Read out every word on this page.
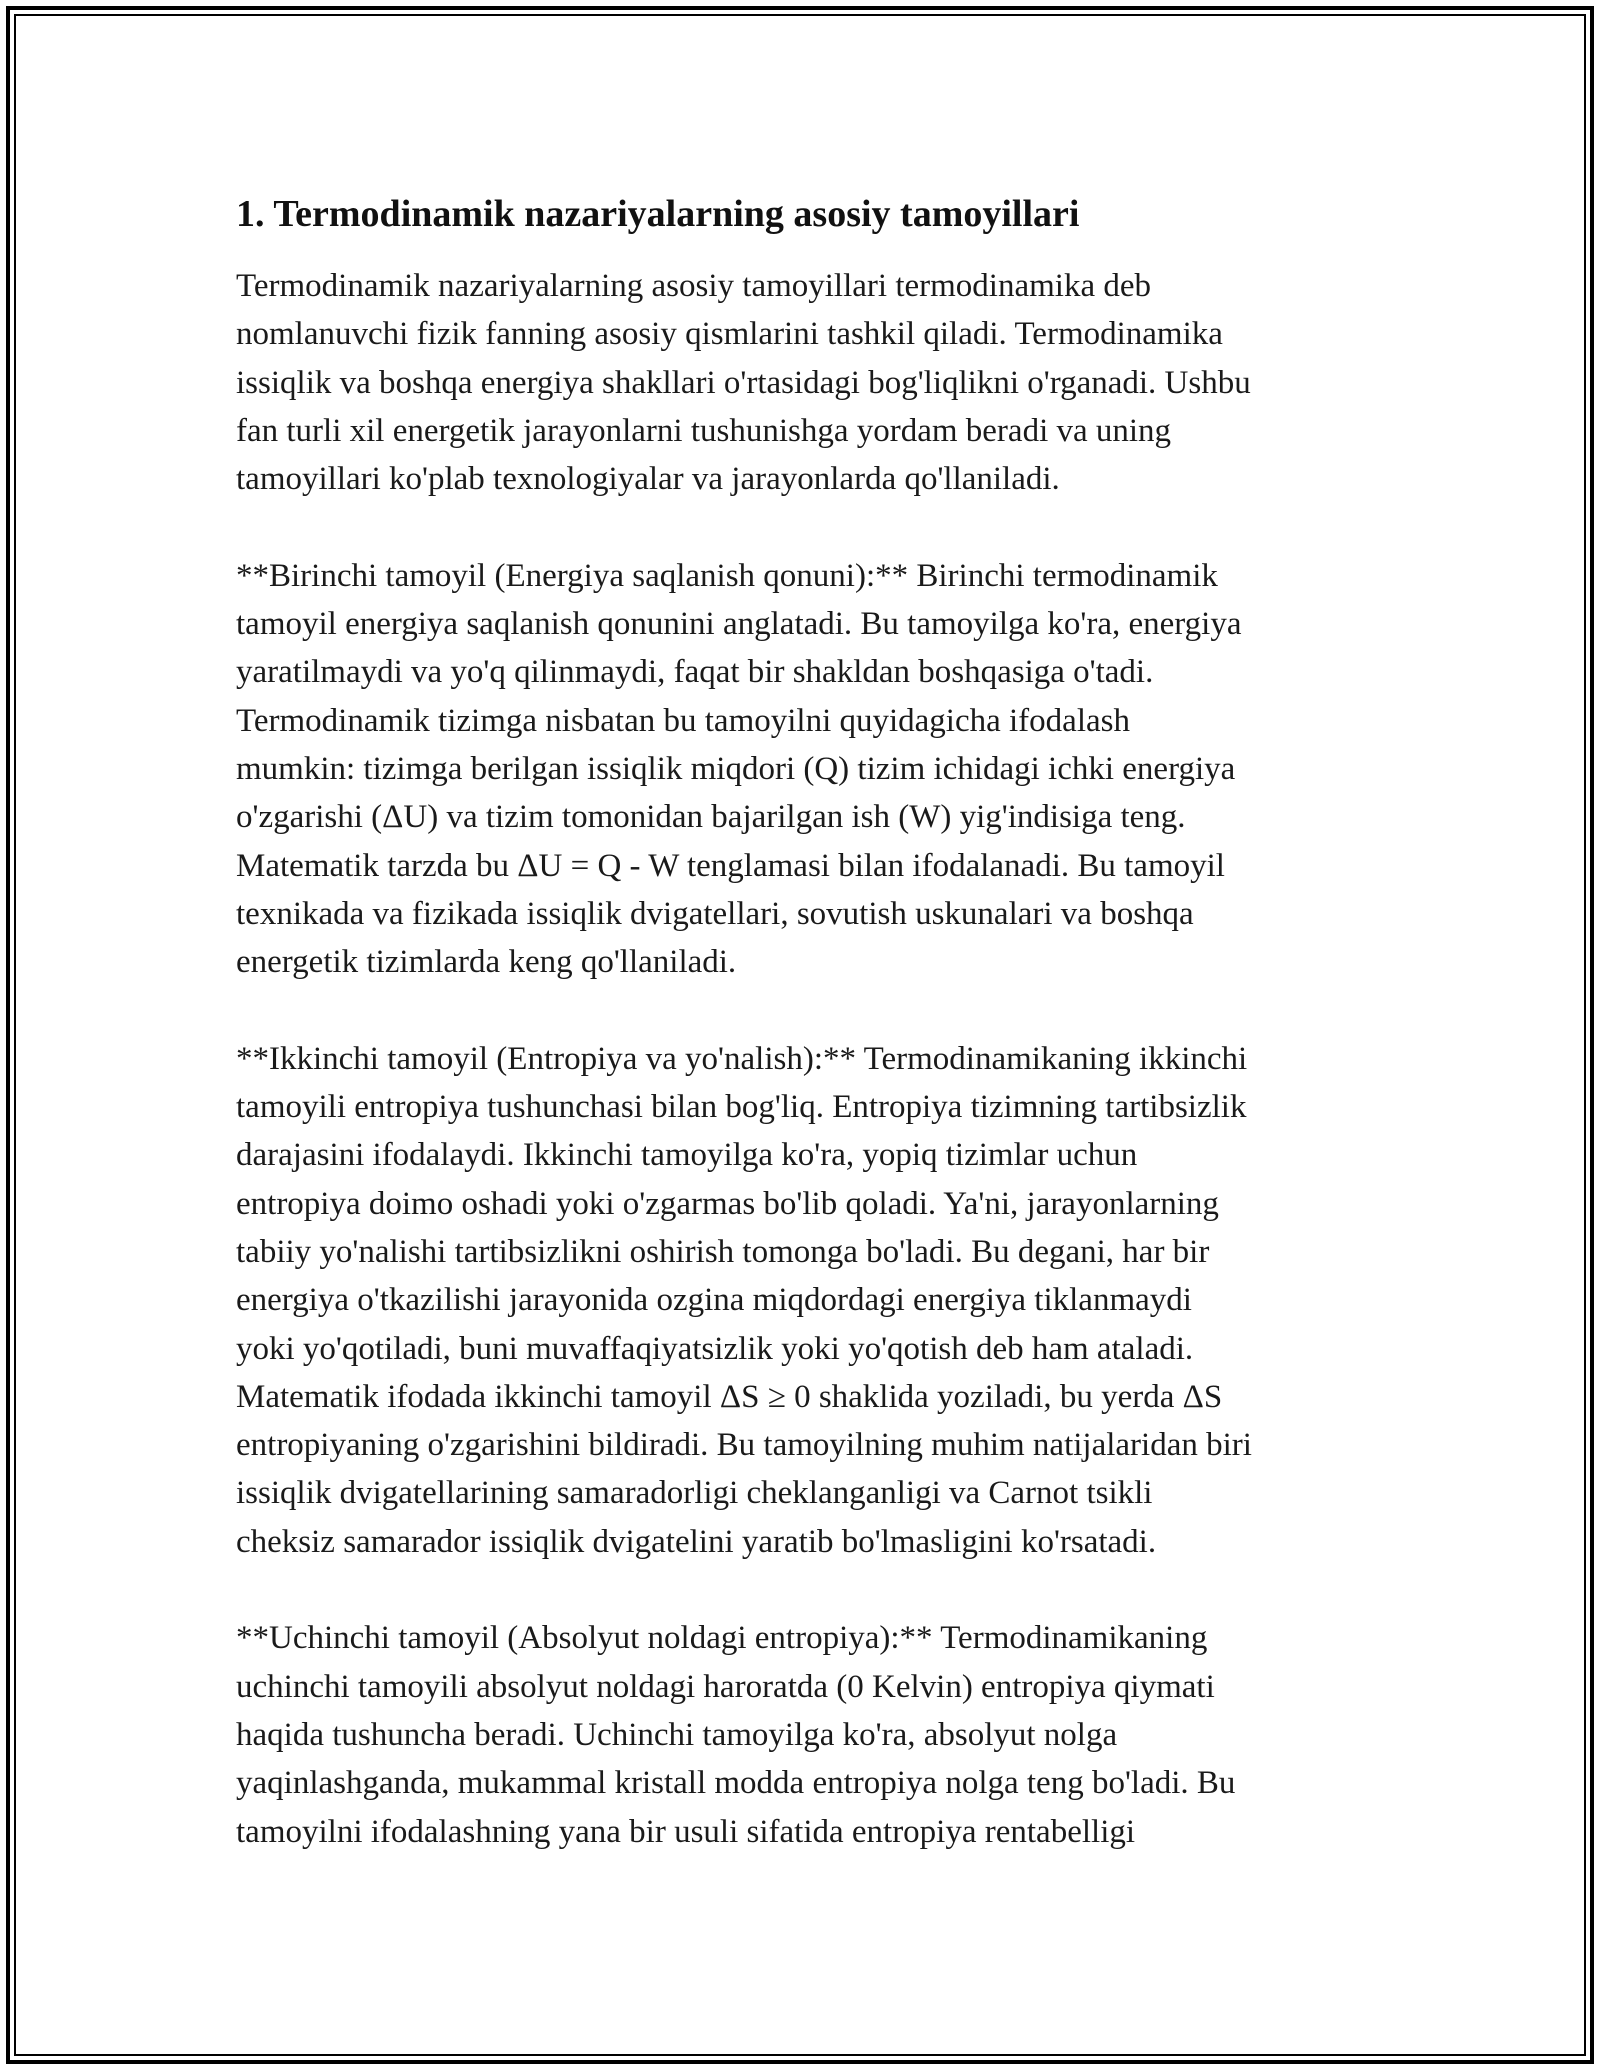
1. Termodinamik nazariyalarning asosiy tamoyillari

Termodinamik nazariyalarning asosiy tamoyillari termodinamika deb
nomlanuvchi fizik fanning asosiy qismlarini tashkil qiladi. Termodinamika
issiqlik va boshqa energiya shakllari o'rtasidagi bog'liqlikni o'rganadi. Ushbu
fan turli xil energetik jarayonlarni tushunishga yordam beradi va uning
tamoyillari ko'plab texnologiyalar va jarayonlarda qo'llaniladi.

**Birinchi tamoyil (Energiya saqlanish qonuni):** Birinchi termodinamik
tamoyil energiya saqlanish qonunini anglatadi. Bu tamoyilga ko'ra, energiya
yaratilmaydi va yo'q qilinmaydi, faqat bir shakldan boshqasiga o'tadi.
Termodinamik tizimga nisbatan bu tamoyilni quyidagicha ifodalash
mumkin: tizimga berilgan issiqlik miqdori (Q) tizim ichidagi ichki energiya
o'zgarishi (ΔU) va tizim tomonidan bajarilgan ish (W) yig'indisiga teng.
Matematik tarzda bu ΔU = Q - W tenglamasi bilan ifodalanadi. Bu tamoyil
texnikada va fizikada issiqlik dvigatellari, sovutish uskunalari va boshqa
energetik tizimlarda keng qo'llaniladi.

**Ikkinchi tamoyil (Entropiya va yo'nalish):** Termodinamikaning ikkinchi
tamoyili entropiya tushunchasi bilan bog'liq. Entropiya tizimning tartibsizlik
darajasini ifodalaydi. Ikkinchi tamoyilga ko'ra, yopiq tizimlar uchun
entropiya doimo oshadi yoki o'zgarmas bo'lib qoladi. Ya'ni, jarayonlarning
tabiiy yo'nalishi tartibsizlikni oshirish tomonga bo'ladi. Bu degani, har bir
energiya o'tkazilishi jarayonida ozgina miqdordagi energiya tiklanmaydi
yoki yo'qotiladi, buni muvaffaqiyatsizlik yoki yo'qotish deb ham ataladi.
Matematik ifodada ikkinchi tamoyil ΔS ≥ 0 shaklida yoziladi, bu yerda ΔS
entropiyaning o'zgarishini bildiradi. Bu tamoyilning muhim natijalaridan biri
issiqlik dvigatellarining samaradorligi cheklanganligi va Carnot tsikli
cheksiz samarador issiqlik dvigatelini yaratib bo'lmasligini ko'rsatadi.

**Uchinchi tamoyil (Absolyut noldagi entropiya):** Termodinamikaning
uchinchi tamoyili absolyut noldagi haroratda (0 Kelvin) entropiya qiymati
haqida tushuncha beradi. Uchinchi tamoyilga ko'ra, absolyut nolga
yaqinlashganda, mukammal kristall modda entropiya nolga teng bo'ladi. Bu
tamoyilni ifodalashning yana bir usuli sifatida entropiya rentabelligi
